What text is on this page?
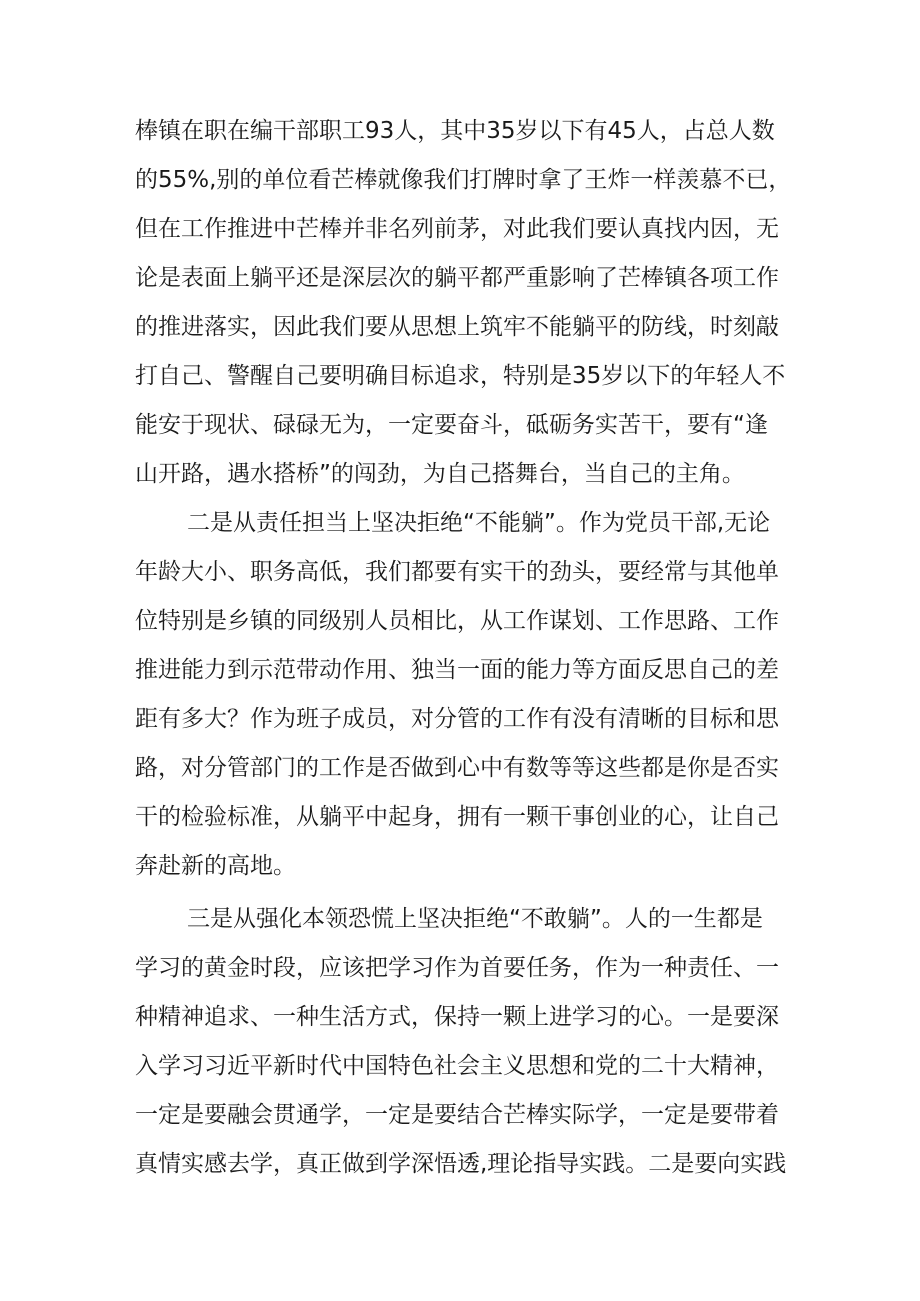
棒镇在职在编干部职工93人，其中35岁以下有45人，占总人数
的55%,别的单位看芒棒就像我们打牌时拿了王炸一样羡慕不已，
但在工作推进中芒棒并非名列前茅，对此我们要认真找内因，无
论是表面上躺平还是深层次的躺平都严重影响了芒棒镇各项工作
的推进落实，因此我们要从思想上筑牢不能躺平的防线，时刻敲
打自己、警醒自己要明确目标追求，特别是35岁以下的年轻人不
能安于现状、碌碌无为，一定要奋斗，砥砺务实苦干，要有“逢
山开路，遇水搭桥”的闯劲，为自己搭舞台，当自己的主角。
二是从责任担当上坚决拒绝“不能躺”。作为党员干部,无论
年龄大小、职务高低，我们都要有实干的劲头，要经常与其他单
位特别是乡镇的同级别人员相比，从工作谋划、工作思路、工作
推进能力到示范带动作用、独当一面的能力等方面反思自己的差
距有多大？作为班子成员，对分管的工作有没有清晰的目标和思
路，对分管部门的工作是否做到心中有数等等这些都是你是否实
干的检验标准，从躺平中起身，拥有一颗干事创业的心，让自己
奔赴新的高地。
三是从强化本领恐慌上坚决拒绝“不敢躺”。人的一生都是
学习的黄金时段，应该把学习作为首要任务，作为一种责任、一
种精神追求、一种生活方式，保持一颗上进学习的心。一是要深
入学习习近平新时代中国特色社会主义思想和党的二十大精神，
一定是要融会贯通学，一定是要结合芒棒实际学，一定是要带着
真情实感去学，真正做到学深悟透,理论指导实践。二是要向实践
